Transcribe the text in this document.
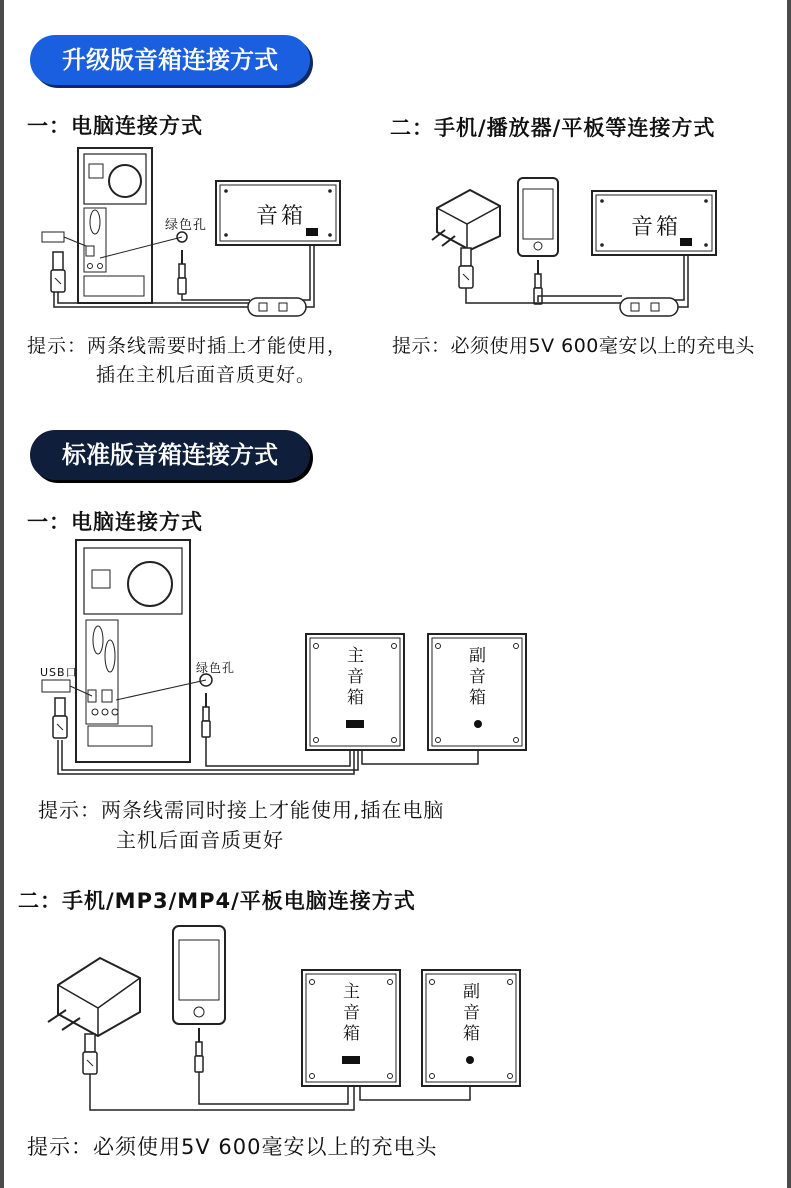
升级版音箱连接方式
一：电脑连接方式	二：手机/播放器/平板等连接方式
音箱
绿色孔	音箱
提示：两条线需要时插上才能使用，
插在主机后面音质更好。
提示：必须使用5V 600毫安以上的充电头
标准版音箱连接方式
一：电脑连接方式
USB口	绿色孔
主
音
箱
副
音
箱
提示：两条线需同时接上才能使用,插在电脑
主机后面音质更好
二：手机/MP3/MP4/平板电脑连接方式
主
音
箱
副
音
箱
提示：必须使用5V 600毫安以上的充电头
